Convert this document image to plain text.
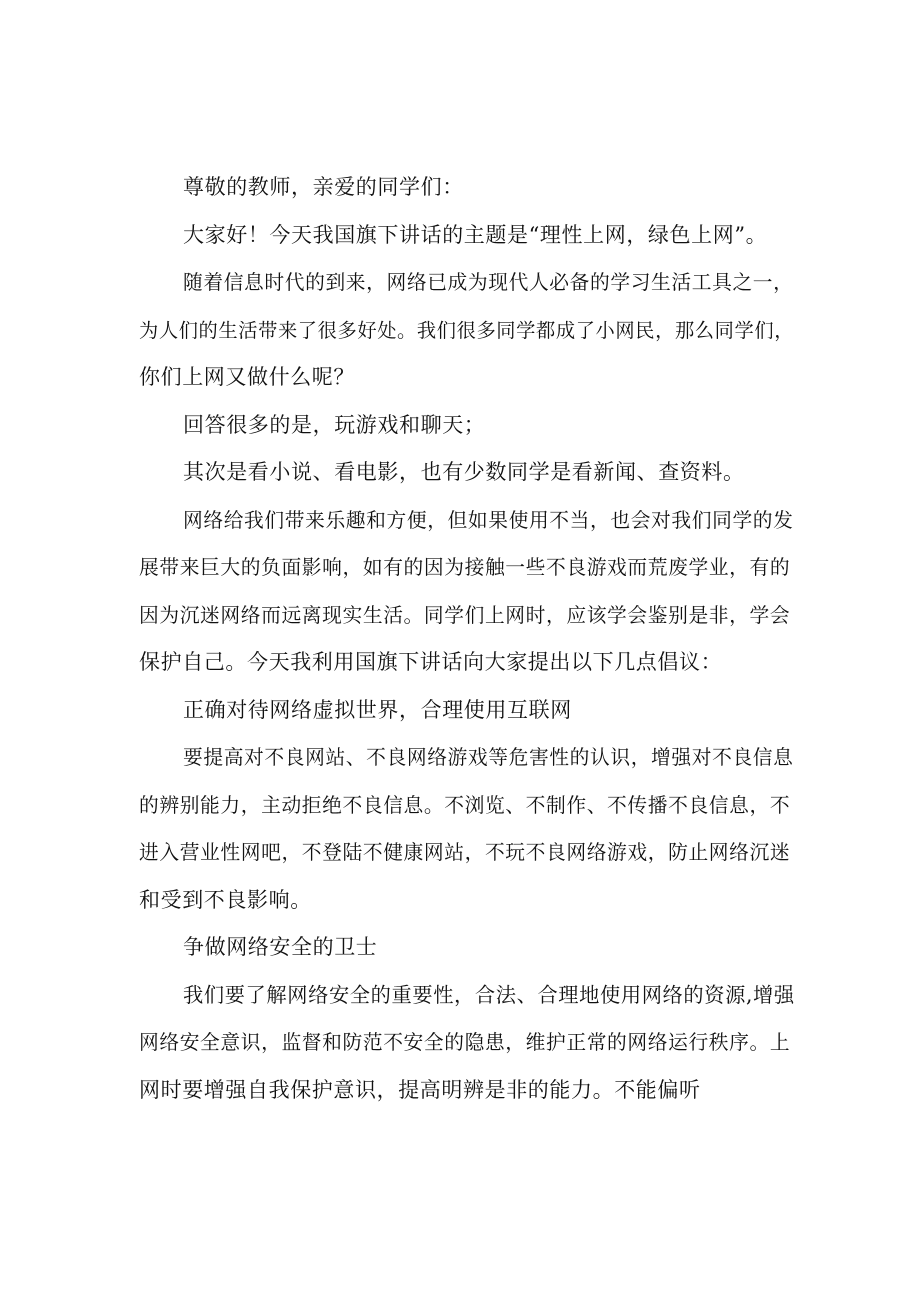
尊敬的教师，亲爱的同学们：
大家好！今天我国旗下讲话的主题是“理性上网，绿色上网”。
随着信息时代的到来，网络已成为现代人必备的学习生活工具之一，
为人们的生活带来了很多好处。我们很多同学都成了小网民，那么同学们，
你们上网又做什么呢？
回答很多的是，玩游戏和聊天；
其次是看小说、看电影，也有少数同学是看新闻、查资料。
网络给我们带来乐趣和方便，但如果使用不当，也会对我们同学的发
展带来巨大的负面影响，如有的因为接触一些不良游戏而荒废学业，有的
因为沉迷网络而远离现实生活。同学们上网时，应该学会鉴别是非，学会
保护自己。今天我利用国旗下讲话向大家提出以下几点倡议：
正确对待网络虚拟世界，合理使用互联网
要提高对不良网站、不良网络游戏等危害性的认识，增强对不良信息
的辨别能力，主动拒绝不良信息。不浏览、不制作、不传播不良信息，不
进入营业性网吧，不登陆不健康网站，不玩不良网络游戏，防止网络沉迷
和受到不良影响。
争做网络安全的卫士
我们要了解网络安全的重要性，合法、合理地使用网络的资源,增强
网络安全意识，监督和防范不安全的隐患，维护正常的网络运行秩序。上
网时要增强自我保护意识，提高明辨是非的能力。不能偏听
